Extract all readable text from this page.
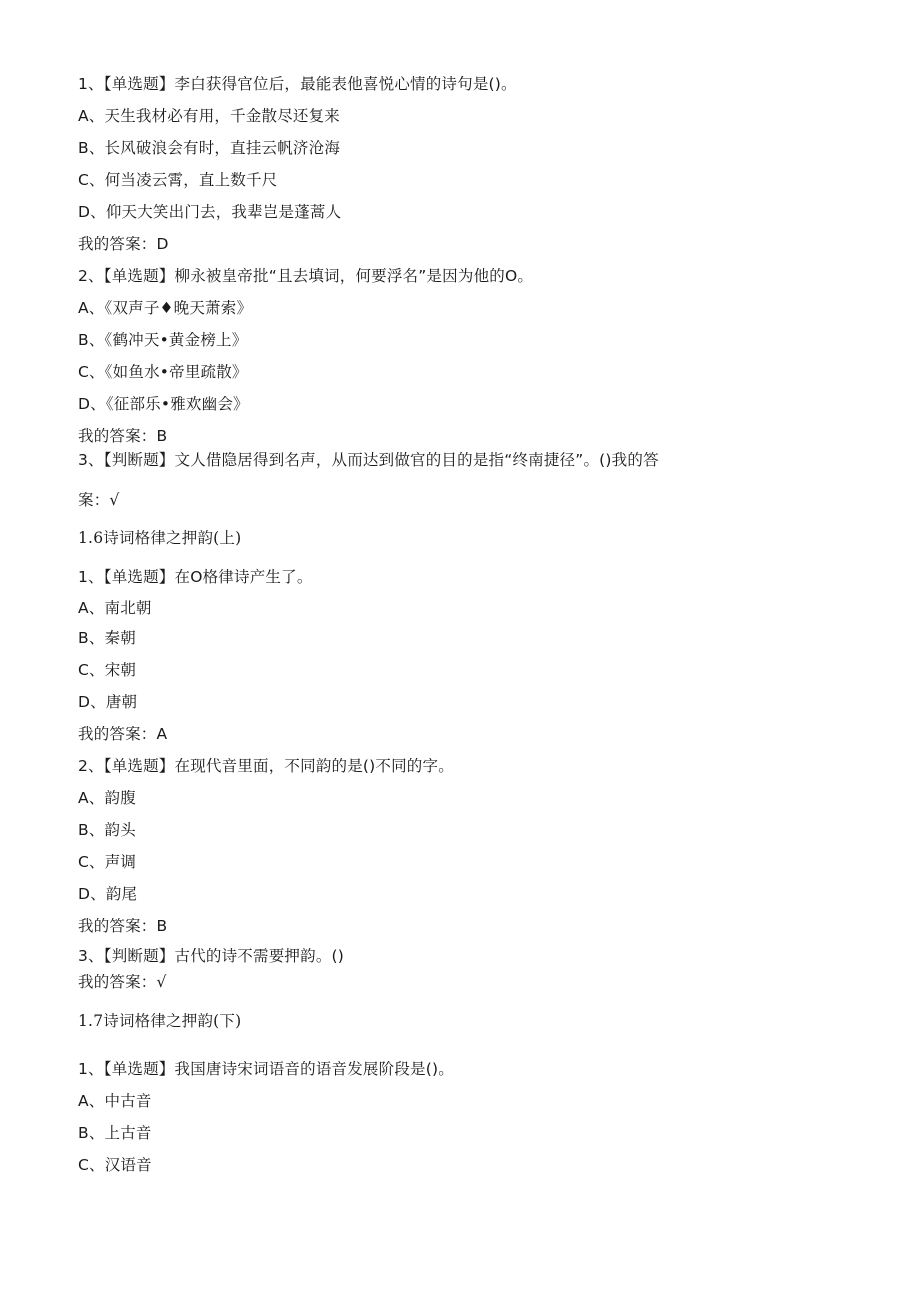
1、【单选题】李白获得官位后，最能表他喜悦心情的诗句是()。
A、天生我材必有用，千金散尽还复来
B、长风破浪会有时，直挂云帆济沧海
C、何当凌云霄，直上数千尺
D、仰天大笑出门去，我辈岂是蓬蒿人
我的答案：D
2、【单选题】柳永被皇帝批“且去填词，何要浮名”是因为他的O。
A、《双声子♦晚天萧索》
B、《鹤冲天•黄金榜上》
C、《如鱼水•帝里疏散》
D、《征部乐•雅欢幽会》
我的答案：B
3、【判断题】文人借隐居得到名声，从而达到做官的目的是指“终南捷径”。()我的答
案：√
1.6诗词格律之押韵(上)
1、【单选题】在O格律诗产生了。
A、南北朝
B、秦朝
C、宋朝
D、唐朝
我的答案：A
2、【单选题】在现代音里面，不同韵的是()不同的字。
A、韵腹
B、韵头
C、声调
D、韵尾
我的答案：B
3、【判断题】古代的诗不需要押韵。()
我的答案：√
1.7诗词格律之押韵(下)
1、【单选题】我国唐诗宋词语音的语音发展阶段是()。
A、中古音
B、上古音
C、汉语音
